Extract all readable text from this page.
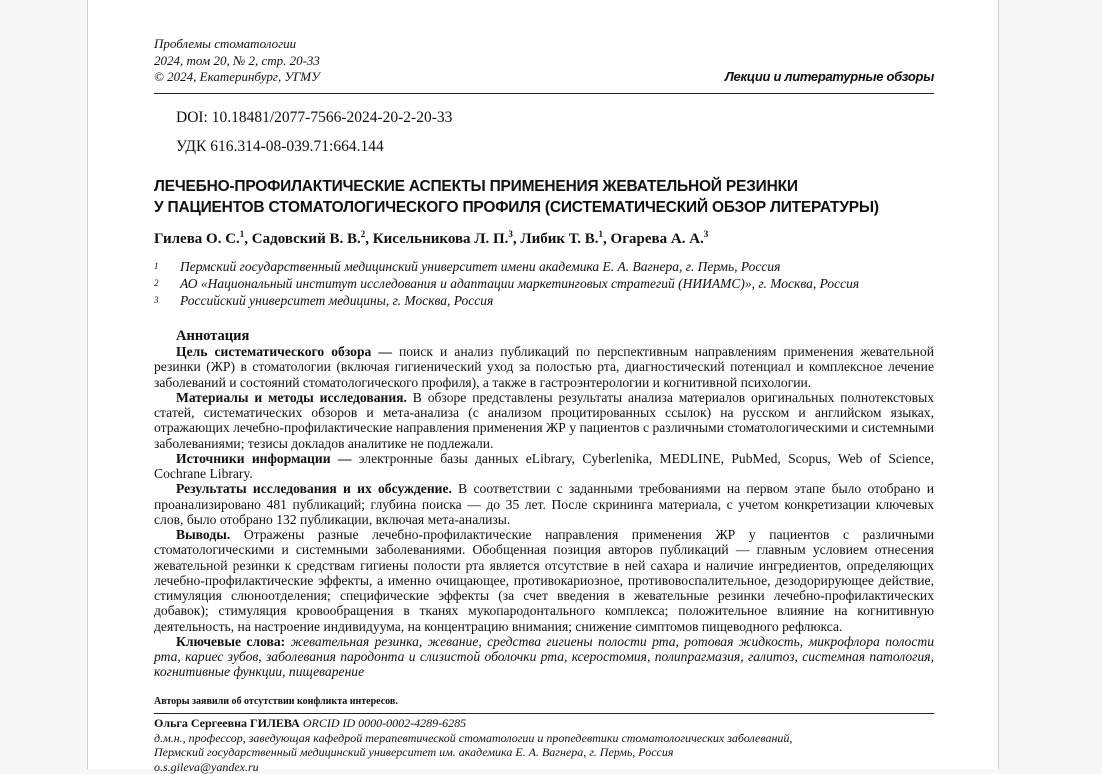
Проблемы стоматологии
2024, том 20, № 2, стр. 20-33
© 2024, Екатеринбург, УГМУ	Лекции и литературные обзоры
DOI: 10.18481/2077-7566-2024-20-2-20-33
УДК 616.314-08-039.71:664.144
ЛЕЧЕБНО-ПРОФИЛАКТИЧЕСКИЕ АСПЕКТЫ ПРИМЕНЕНИЯ ЖЕВАТЕЛЬНОЙ РЕЗИНКИ
У ПАЦИЕНТОВ СТОМАТОЛОГИЧЕСКОГО ПРОФИЛЯ (СИСТЕМАТИЧЕСКИЙ ОБЗОР ЛИТЕРАТУРЫ)
Гилева О. С.$^1$, Садовский В. В.$^2$, Кисельникова Л. П.$^3$, Либик Т. В.$^1$, Огарева А. А.$^3$
1 Пермский государственный медицинский университет имени академика Е. А. Вагнера, г. Пермь, Россия
2 АО «Национальный институт исследования и адаптации маркетинговых стратегий (НИИАМС)», г. Москва, Россия
3 Российский университет медицины, г. Москва, Россия
Аннотация

Цель систематического обзора — поиск и анализ публикаций по перспективным направлениям применения жевательной резинки (ЖР) в стоматологии (включая гигиенический уход за полостью рта, диагностический потенциал и комплексное лечение заболеваний и состояний стоматологического профиля), а также в гастроэнтерологии и когнитивной психологии.

Материалы и методы исследования. В обзоре представлены результаты анализа материалов оригинальных полнотекстовых статей, систематических обзоров и мета-анализа (с анализом процитированных ссылок) на русском и английском языках, отражающих лечебно-профилактические направления применения ЖР у пациентов с различными стоматологическими и системными заболеваниями; тезисы докладов аналитике не подлежали.

Источники информации — электронные базы данных eLibrary, Cyberlenika, MEDLINE, PubMed, Scopus, Web of Science, Cochrane Library.

Результаты исследования и их обсуждение. В соответствии с заданными требованиями на первом этапе было отобрано и проанализировано 481 публикаций; глубина поиска — до 35 лет. После скрининга материала, с учетом конкретизации ключевых слов, было отобрано 132 публикации, включая мета-анализы.

Выводы. Отражены разные лечебно-профилактические направления применения ЖР у пациентов с различными стоматологическими и системными заболеваниями. Обобщенная позиция авторов публикаций — главным условием отнесения жевательной резинки к средствам гигиены полости рта является отсутствие в ней сахара и наличие ингредиентов, определяющих лечебно-профилактические эффекты, а именно очищающее, противокариозное, противовоспалительное, дезодорирующее действие, стимуляция слюноотделения; специфические эффекты (за счет введения в жевательные резинки лечебно-профилактических добавок); стимуляция кровообращения в тканях мукопародонтального комплекса; положительное влияние на когнитивную деятельность, на настроение индивидуума, на концентрацию внимания; снижение симптомов пищеводного рефлюкса.

Ключевые слова: жевательная резинка, жевание, средства гигиены полости рта, ротовая жидкость, микрофлора полости рта, кариес зубов, заболевания пародонта и слизистой оболочки рта, ксеростомия, полипрагмазия, галитоз, системная патология, когнитивные функции, пищеварение

Авторы заявили об отсутствии конфликта интересов.
Ольга Сергеевна ГИЛЕВА ORCID ID 0000-0002-4289-6285
д.м.н., профессор, заведующая кафедрой терапевтической стоматологии и пропедевтики стоматологических заболеваний,
Пермский государственный медицинский университет им. академика Е. А. Вагнера, г. Пермь, Россия
o.s.gileva@yandex.ru
